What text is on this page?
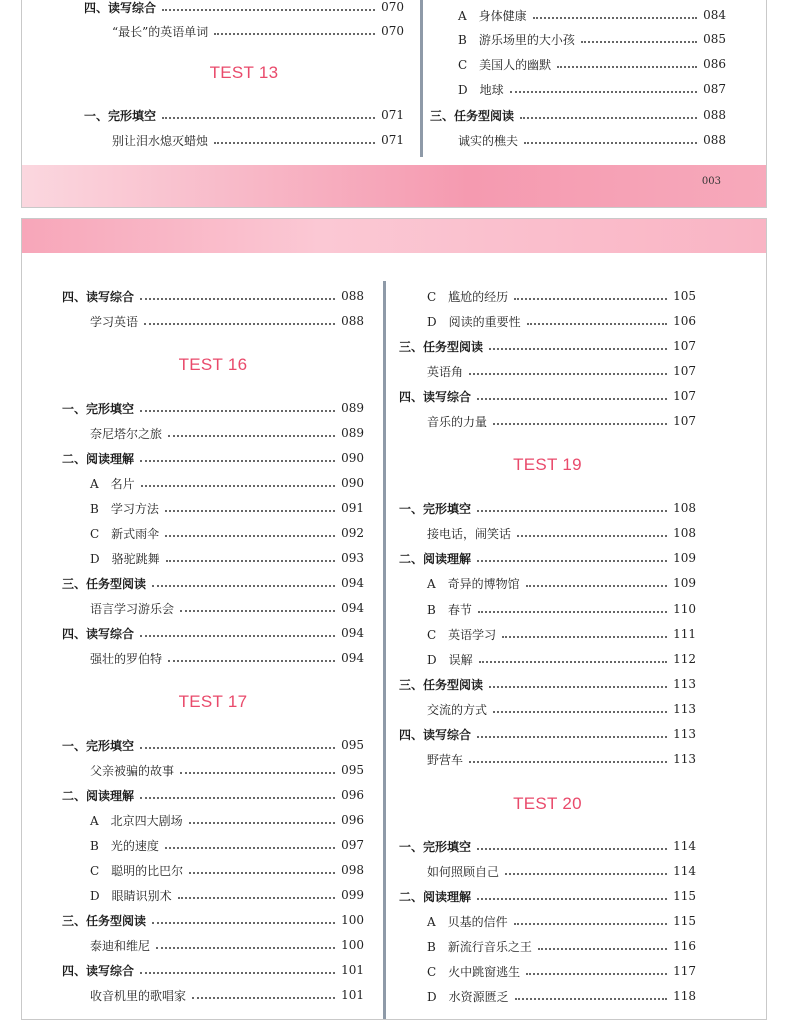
四、读写综合	070
“最长”的英语单词	070
TEST 13
一、完形填空	071
别让泪水熄灭蜡烛	071
A　身体健康	084
B　游乐场里的大小孩	085
C　美国人的幽默	086
D　地球	087
三、任务型阅读	088
诚实的樵夫	088
003
四、读写综合	088
学习英语	088
TEST 16
一、完形填空	089
奈尼塔尔之旅	089
二、阅读理解	090
A　名片	090
B　学习方法	091
C　新式雨伞	092
D　骆驼跳舞	093
三、任务型阅读	094
语言学习游乐会	094
四、读写综合	094
强壮的罗伯特	094
TEST 17
一、完形填空	095
父亲被骗的故事	095
二、阅读理解	096
A　北京四大剧场	096
B　光的速度	097
C　聪明的比巴尔	098
D　眼睛识别术	099
三、任务型阅读	100
泰迪和维尼	100
四、读写综合	101
收音机里的歌唱家	101
C　尴尬的经历	105
D　阅读的重要性	106
三、任务型阅读	107
英语角	107
四、读写综合	107
音乐的力量	107
TEST 19
一、完形填空	108
接电话，闹笑话	108
二、阅读理解	109
A　奇异的博物馆	109
B　春节	110
C　英语学习	111
D　误解	112
三、任务型阅读	113
交流的方式	113
四、读写综合	113
野营车	113
TEST 20
一、完形填空	114
如何照顾自己	114
二、阅读理解	115
A　贝基的信件	115
B　新流行音乐之王	116
C　火中跳窗逃生	117
D　水资源匮乏	118
